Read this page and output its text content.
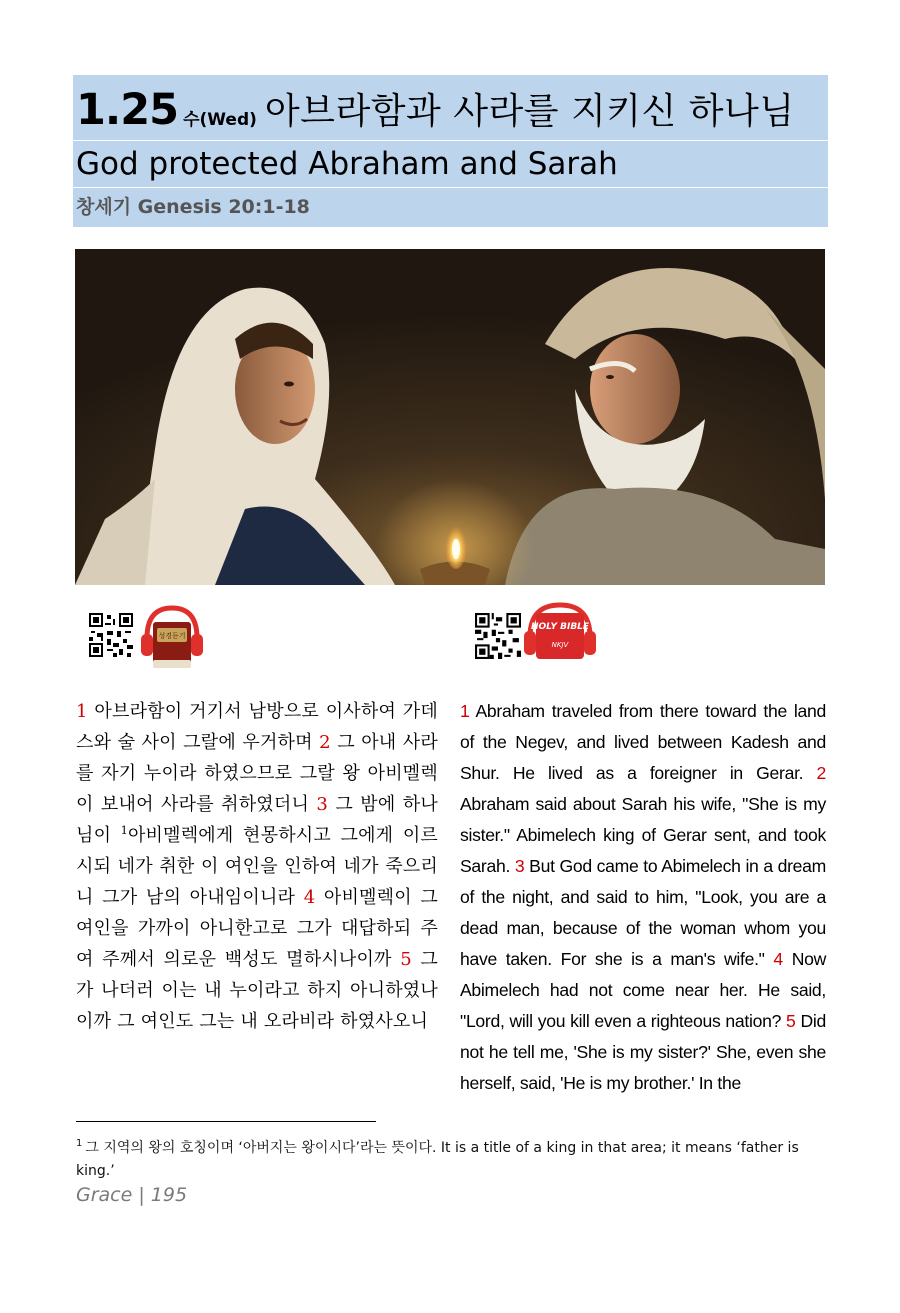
1.25 수(Wed) 아브라함과 사라를 지키신 하나님
God protected Abraham and Sarah
창세기 Genesis 20:1-18
성경듣기
HOLY BIBLE
NKJV
1 아브라함이 거기서 남방으로 이사하여 가데스와 술 사이 그랄에 우거하며 2 그 아내 사라를 자기 누이라 하였으므로 그랄 왕 아비멜렉이 보내어 사라를 취하였더니 3 그 밤에 하나님이 $^1$아비멜렉에게 현몽하시고 그에게 이르시되 네가 취한 이 여인을 인하여 네가 죽으리니 그가 남의 아내임이니라 4 아비멜렉이 그 여인을 가까이 아니한고로 그가 대답하되 주여 주께서 의로운 백성도 멸하시나이까 5 그가 나더러 이는 내 누이라고 하지 아니하였나이까 그 여인도 그는 내 오라비라 하였사오니
1 Abraham traveled from there toward the land of the Negev, and lived between Kadesh and Shur. He lived as a foreigner in Gerar. 2 Abraham said about Sarah his wife, "She is my sister." Abimelech king of Gerar sent, and took Sarah. 3 But God came to Abimelech in a dream of the night, and said to him, "Look, you are a dead man, because of the woman whom you have taken. For she is a man's wife." 4 Now Abimelech had not come near her. He said, "Lord, will you kill even a righteous nation? 5 Did not he tell me, 'She is my sister?' She, even she herself, said, 'He is my brother.' In the
$^1$ 그 지역의 왕의 호칭이며 ‘아버지는 왕이시다’라는 뜻이다. It is a title of a king in that area; it means ‘father is king.’
Grace | 195
